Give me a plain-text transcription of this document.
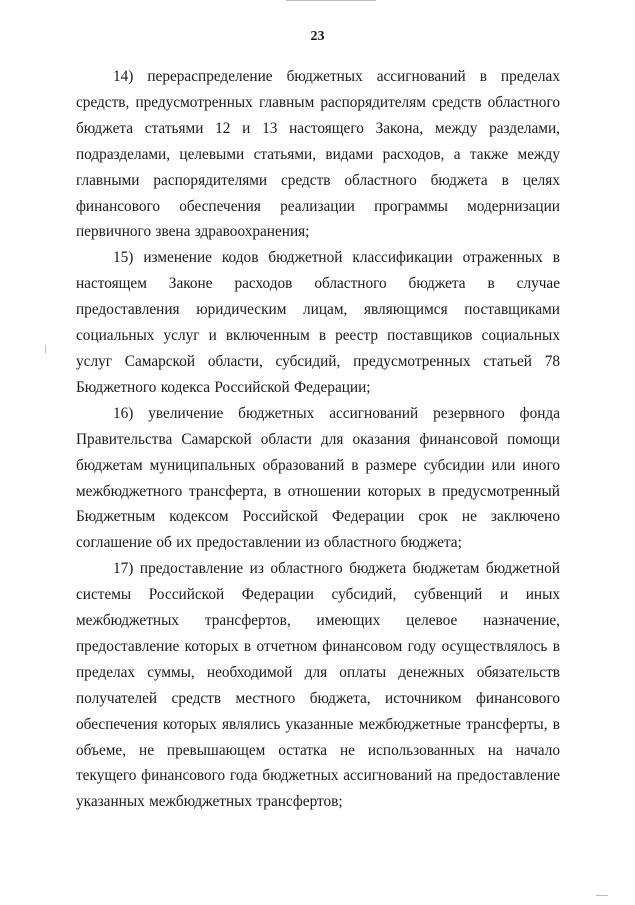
23

14) перераспределение бюджетных ассигнований в пределах средств, предусмотренных главным распорядителям средств областного бюджета статьями 12 и 13 настоящего Закона, между разделами, подразделами, целевыми статьями, видами расходов, а также между главными распорядителями средств областного бюджета в целях финансового обеспечения реализации программы модернизации первичного звена здравоохранения;

15) изменение кодов бюджетной классификации отраженных в настоящем Законе расходов областного бюджета в случае предоставления юридическим лицам, являющимся поставщиками социальных услуг и включенным в реестр поставщиков социальных услуг Самарской области, субсидий, предусмотренных статьей 78 Бюджетного кодекса Российской Федерации;

16) увеличение бюджетных ассигнований резервного фонда Правительства Самарской области для оказания финансовой помощи бюджетам муниципальных образований в размере субсидии или иного межбюджетного трансферта, в отношении которых в предусмотренный Бюджетным кодексом Российской Федерации срок не заключено соглашение об их предоставлении из областного бюджета;

17) предоставление из областного бюджета бюджетам бюджетной системы Российской Федерации субсидий, субвенций и иных межбюджетных трансфертов, имеющих целевое назначение, предоставление которых в отчетном финансовом году осуществлялось в пределах суммы, необходимой для оплаты денежных обязательств получателей средств местного бюджета, источником финансового обеспечения которых являлись указанные межбюджетные трансферты, в объеме, не превышающем остатка не использованных на начало текущего финансового года бюджетных ассигнований на предоставление указанных межбюджетных трансфертов;
